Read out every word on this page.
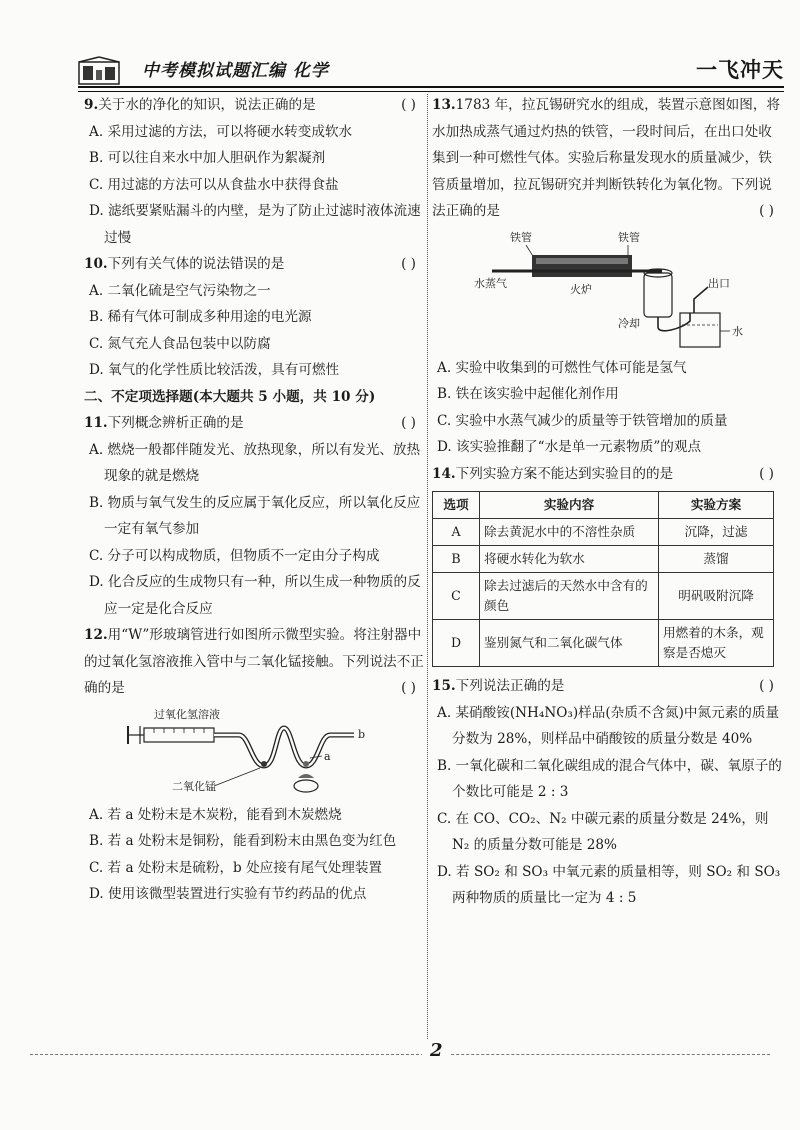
中考模拟试题汇编 化学	一飞冲天
9.关于水的净化的知识，说法正确的是	( )
A. 采用过滤的方法，可以将硬水转变成软水
B. 可以往自来水中加人胆矾作为絮凝剂
C. 用过滤的方法可以从食盐水中获得食盐
D. 滤纸要紧贴漏斗的内壁，是为了防止过滤时液体流速过慢
10.下列有关气体的说法错误的是	( )
A. 二氧化硫是空气污染物之一
B. 稀有气体可制成多种用途的电光源
C. 氮气充人食品包装中以防腐
D. 氧气的化学性质比较活泼，具有可燃性
二、不定项选择题(本大题共 5 小题，共 10 分)
11.下列概念辨析正确的是	( )
A. 燃烧一般都伴随发光、放热现象，所以有发光、放热现象的就是燃烧
B. 物质与氧气发生的反应属于氧化反应，所以氧化反应一定有氧气参加
C. 分子可以构成物质，但物质不一定由分子构成
D. 化合反应的生成物只有一种，所以生成一种物质的反应一定是化合反应
12.用“W”形玻璃管进行如图所示微型实验。将注射器中的过氧化氢溶液推入管中与二氧化锰接触。下列说法不正确的是	( )
过氧化氢溶液
b
a
二氧化锰
A. 若 a 处粉末是木炭粉，能看到木炭燃烧
B. 若 a 处粉末是铜粉，能看到粉末由黑色变为红色
C. 若 a 处粉末是硫粉，b 处应接有尾气处理装置
D. 使用该微型装置进行实验有节约药品的优点
13.1783 年，拉瓦锡研究水的组成，装置示意图如图，将水加热成蒸气通过灼热的铁管，一段时间后，在出口处收集到一种可燃性气体。实验后称量发现水的质量减少，铁管质量增加，拉瓦锡研究并判断铁转化为氧化物。下列说法正确的是	( )
铁管	铁管
水蒸气	火炉
冷却
出口
水
A. 实验中收集到的可燃性气体可能是氢气
B. 铁在该实验中起催化剂作用
C. 实验中水蒸气减少的质量等于铁管增加的质量
D. 该实验推翻了“水是单一元素物质”的观点
14.下列实验方案不能达到实验目的的是	( )
选项	实验内容	实验方案
A	除去黄泥水中的不溶性杂质	沉降，过滤
B	将硬水转化为软水	蒸馏
C	除去过滤后的天然水中含有的颜色	明矾吸附沉降
D	鉴别氮气和二氧化碳气体	用燃着的木条，观察是否熄灭
15.下列说法正确的是	( )
A. 某硝酸铵(NH₄NO₃)样品(杂质不含氮)中氮元素的质量分数为 28%，则样品中硝酸铵的质量分数是 40%
B. 一氧化碳和二氧化碳组成的混合气体中，碳、氧原子的个数比可能是 2 : 3
C. 在 CO、CO₂、N₂ 中碳元素的质量分数是 24%，则 N₂ 的质量分数可能是 28%
D. 若 SO₂ 和 SO₃ 中氧元素的质量相等，则 SO₂ 和 SO₃ 两种物质的质量比一定为 4 : 5
2
